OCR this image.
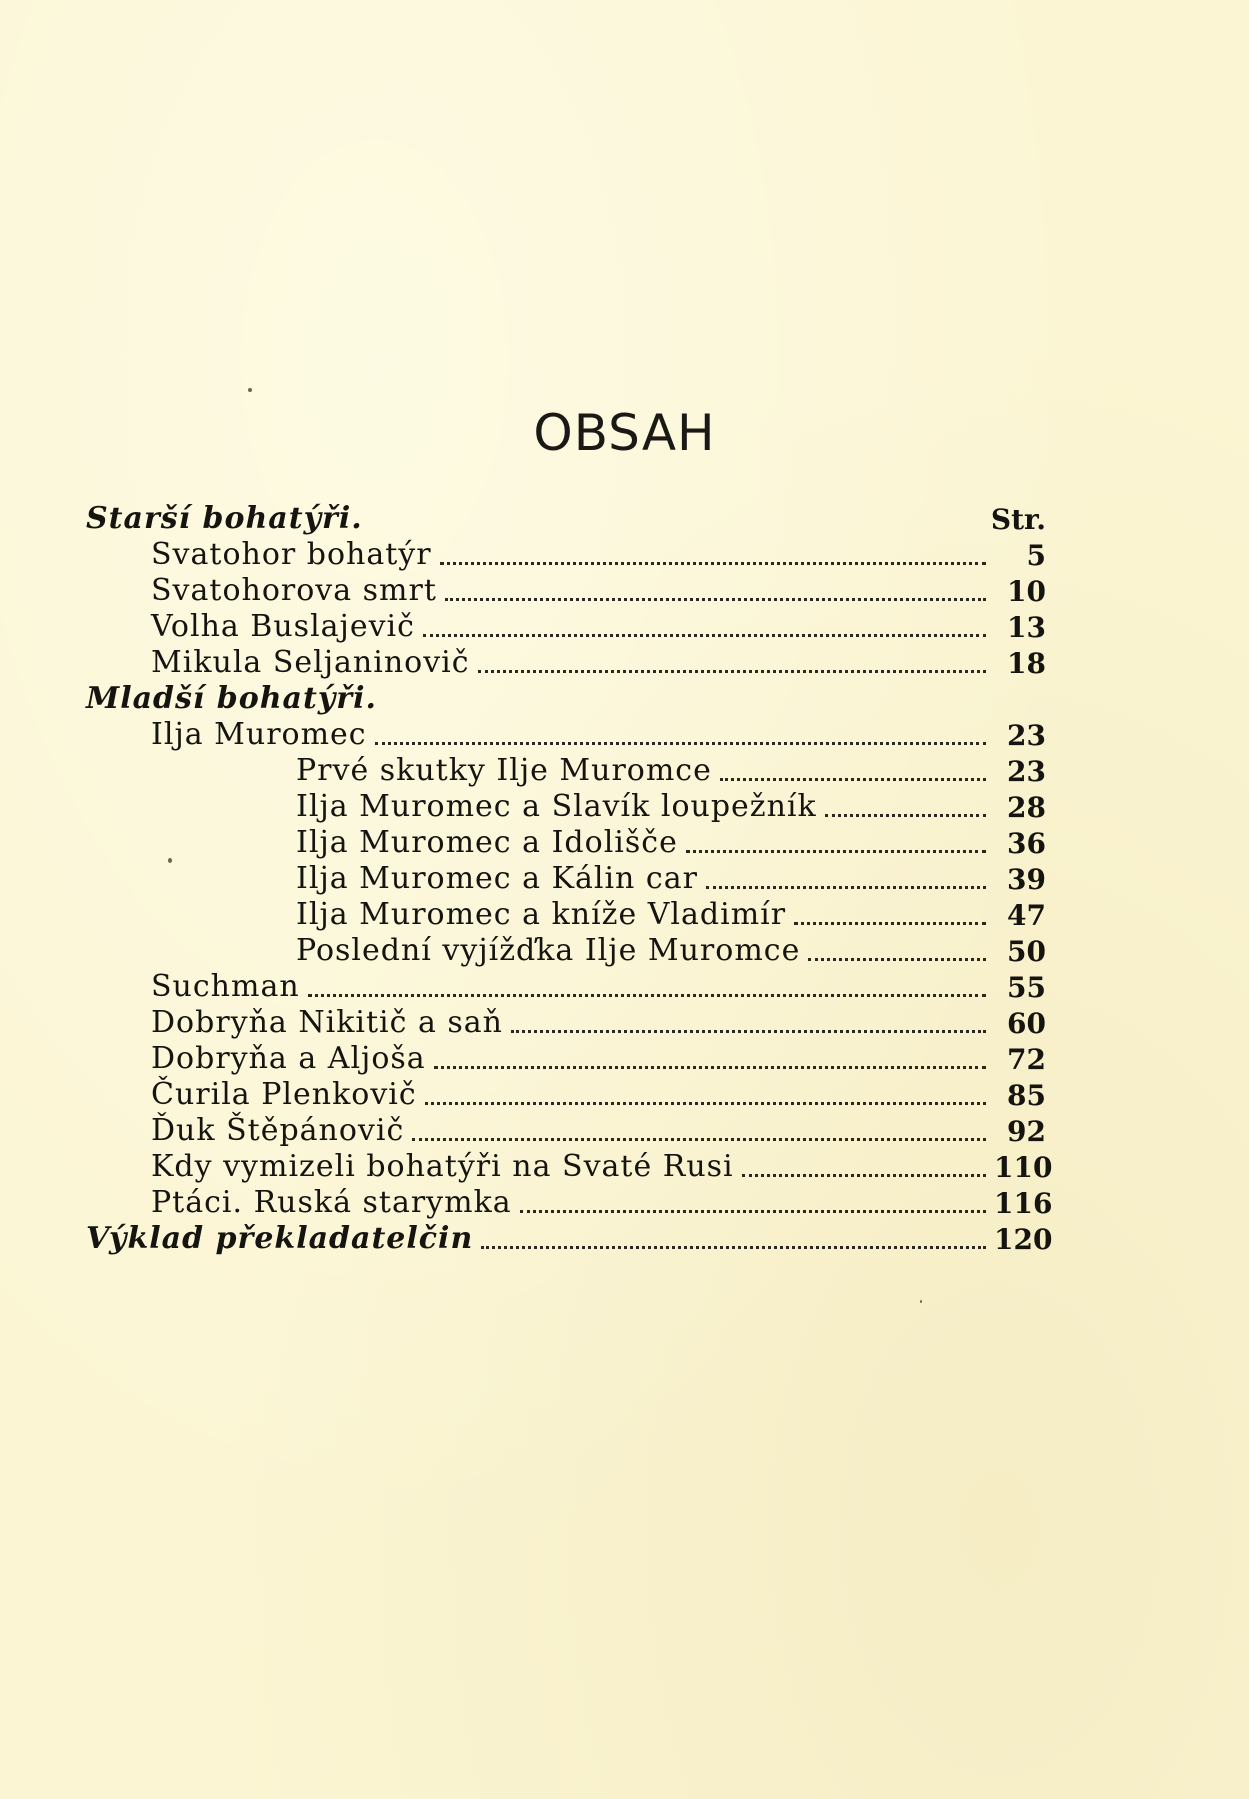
OBSAH
Starší bohatýři.	Str.
Svatohor bohatýr	5
Svatohorova smrt	10
Volha Buslajevič	13
Mikula Seljaninovič	18
Mladší bohatýři.
Ilja Muromec	23
Prvé skutky Ilje Muromce	23
Ilja Muromec a Slavík loupežník	28
Ilja Muromec a Idolišče	36
Ilja Muromec a Kálin car	39
Ilja Muromec a kníže Vladimír	47
Poslední vyjížďka Ilje Muromce	50
Suchman	55
Dobryňa Nikitič a saň	60
Dobryňa a Aljoša	72
Čurila Plenkovič	85
Ďuk Štěpánovič	92
Kdy vymizeli bohatýři na Svaté Rusi	110
Ptáci. Ruská starymka	116
Výklad překladatelčin	120
